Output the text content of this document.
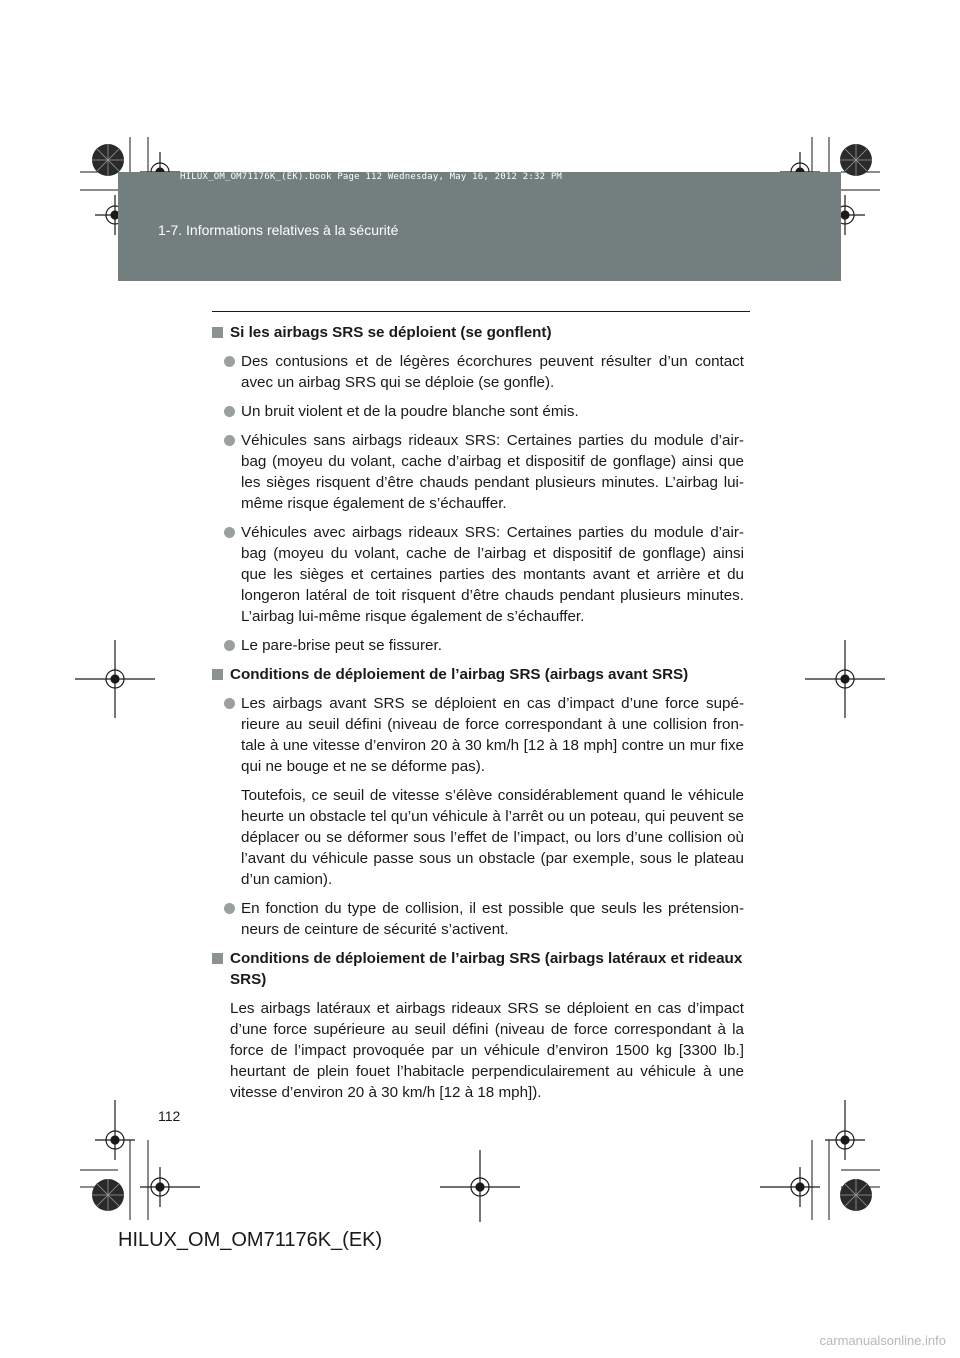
HILUX_OM_OM71176K_(EK).book Page 112 Wednesday, May 16, 2012 2:32 PM
1-7. Informations relatives à la sécurité
Si les airbags SRS se déploient (se gonflent)
Des contusions et de légères écorchures peuvent résulter d’un contact avec un airbag SRS qui se déploie (se gonfle).
Un bruit violent et de la poudre blanche sont émis.
Véhicules sans airbags rideaux SRS: Certaines parties du module d’air-bag (moyeu du volant, cache d’airbag et dispositif de gonflage) ainsi que les sièges risquent d’être chauds pendant plusieurs minutes. L’airbag lui-même risque également de s’échauffer.
Véhicules avec airbags rideaux SRS: Certaines parties du module d’air-bag (moyeu du volant, cache de l’airbag et dispositif de gonflage) ainsi que les sièges et certaines parties des montants avant et arrière et du longeron latéral de toit risquent d’être chauds pendant plusieurs minutes. L’airbag lui-même risque également de s’échauffer.
Le pare-brise peut se fissurer.
Conditions de déploiement de l’airbag SRS (airbags avant SRS)
Les airbags avant SRS se déploient en cas d’impact d’une force supé-rieure au seuil défini (niveau de force correspondant à une collision fron-tale à une vitesse d’environ 20 à 30 km/h [12 à 18 mph] contre un mur fixe qui ne bouge et ne se déforme pas).
Toutefois, ce seuil de vitesse s’élève considérablement quand le véhicule heurte un obstacle tel qu’un véhicule à l’arrêt ou un poteau, qui peuvent se déplacer ou se déformer sous l’effet de l’impact, ou lors d’une collision où l’avant du véhicule passe sous un obstacle (par exemple, sous le plateau d’un camion).
En fonction du type de collision, il est possible que seuls les prétension-neurs de ceinture de sécurité s’activent.
Conditions de déploiement de l’airbag SRS (airbags latéraux et rideaux SRS)
Les airbags latéraux et airbags rideaux SRS se déploient en cas d’impact d’une force supérieure au seuil défini (niveau de force correspondant à la force de l’impact provoquée par un véhicule d’environ 1500 kg [3300 lb.] heurtant de plein fouet l’habitacle perpendiculairement au véhicule à une vitesse d’environ 20 à 30 km/h [12 à 18 mph]).
112
HILUX_OM_OM71176K_(EK)
carmanualsonline.info
